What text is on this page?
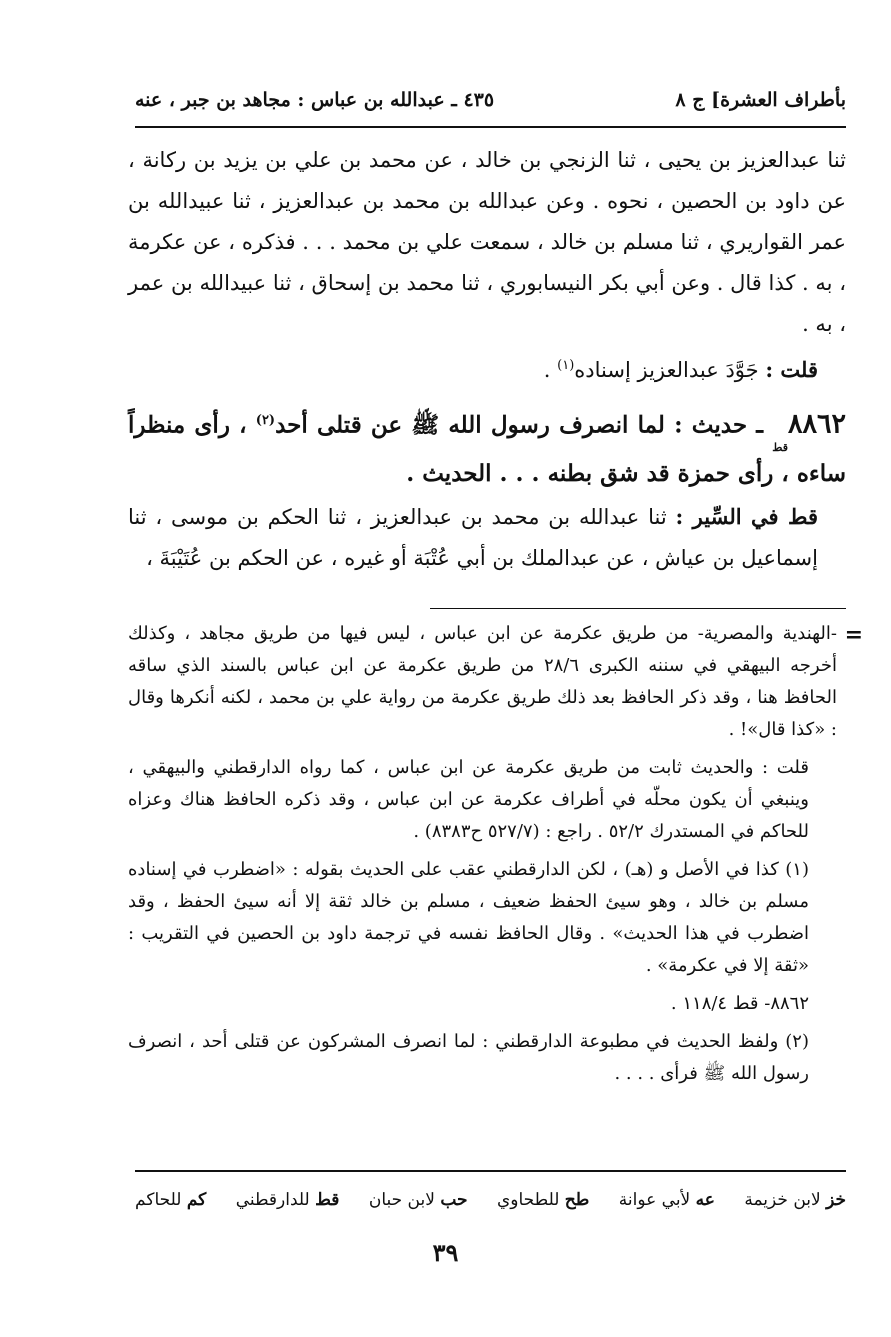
بأطراف العشرة] ج ٨
٤٣٥ ـ عبدالله بن عباس : مجاهد بن جبر ، عنه

ثنا عبدالعزيز بن يحيى ، ثنا الزنجي بن خالد ، عن محمد بن علي بن يزيد بن ركانة ، عن داود بن الحصين ، نحوه . وعن عبدالله بن محمد بن عبدالعزيز ، ثنا عبيدالله بن عمر القواريري ، ثنا مسلم بن خالد ، سمعت علي بن محمد . . . فذكره ، عن عكرمة ، به . كذا قال . وعن أبي بكر النيسابوري ، ثنا محمد بن إسحاق ، ثنا عبيدالله بن عمر ، به .

قلت : جَوَّدَ عبدالعزيز إسناده$^{(١)}$ .

$٨٨٦٢_{قط}$ ـ حديث : لما انصرف رسول الله ﷺ عن قتلى أحد$^{(٢)}$ ، رأى منظراً ساءه ، رأى حمزة قد شق بطنه . . . الحديث .

قط في السِّير : ثنا عبدالله بن محمد بن عبدالعزيز ، ثنا الحكم بن موسى ، ثنا إسماعيل بن عياش ، عن عبدالملك بن أبي عُتْبَة أو غيره ، عن الحكم بن عُتَيْبَةَ ،

=

-الهندية والمصرية- من طريق عكرمة عن ابن عباس ، ليس فيها من طريق مجاهد ، وكذلك أخرجه البيهقي في سننه الكبرى ٢٨/٦ من طريق عكرمة عن ابن عباس بالسند الذي ساقه الحافظ هنا ، وقد ذكر الحافظ بعد ذلك طريق عكرمة من رواية علي بن محمد ، لكنه أنكرها وقال : «كذا قال»! .

قلت : والحديث ثابت من طريق عكرمة عن ابن عباس ، كما رواه الدارقطني والبيهقي ، وينبغي أن يكون محلّه في أطراف عكرمة عن ابن عباس ، وقد ذكره الحافظ هناك وعزاه للحاكم في المستدرك ٥٢/٢ . راجع : (٥٢٧/٧ ح٨٣٨٣) .

(١) كذا في الأصل و (هـ) ، لكن الدارقطني عقب على الحديث بقوله : «اضطرب في إسناده مسلم بن خالد ، وهو سيئ الحفظ ضعيف ، مسلم بن خالد ثقة إلا أنه سيئ الحفظ ، وقد اضطرب في هذا الحديث» . وقال الحافظ نفسه في ترجمة داود بن الحصين في التقريب : «ثقة إلا في عكرمة» .

٨٨٦٢- قط ١١٨/٤ .

(٢) ولفظ الحديث في مطبوعة الدارقطني : لما انصرف المشركون عن قتلى أحد ، انصرف رسول الله ﷺ فرأى . . . .

خز لابن خزيمة
عه لأبي عوانة
طح للطحاوي
حب لابن حبان
قط للدارقطني
كم للحاكم
٣٩
